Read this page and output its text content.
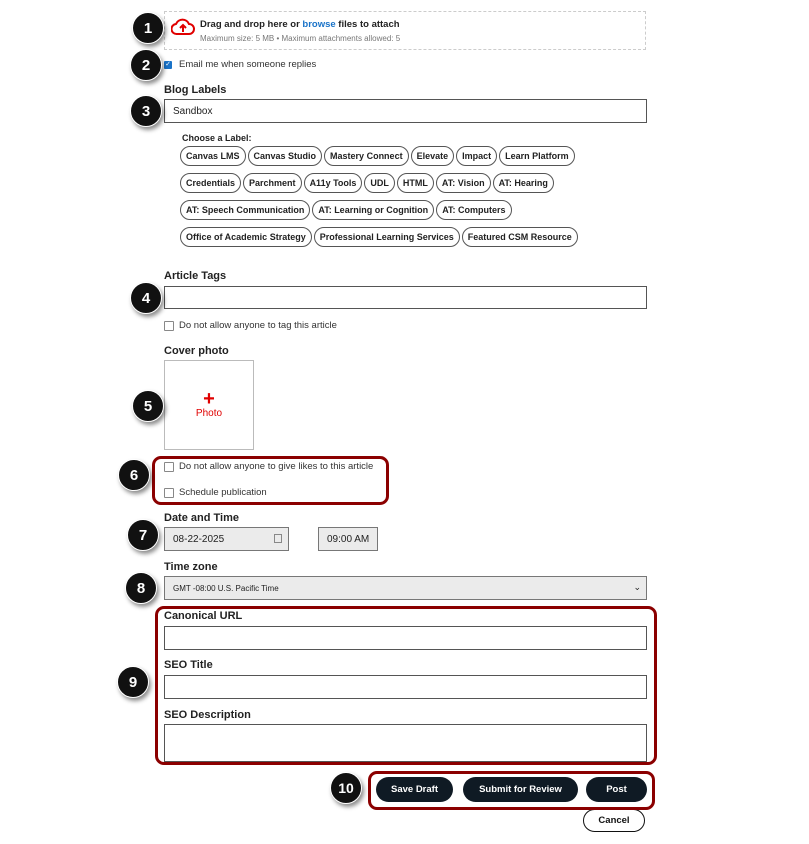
Drag and drop here or browse files to attach
Maximum size: 5 MB • Maximum attachments allowed: 5
✓ Email me when someone replies
Blog Labels
Sandbox
Choose a Label:
Canvas LMS	Canvas Studio	Mastery Connect	Elevate	Impact	Learn Platform
Credentials	Parchment	A11y Tools	UDL	HTML	AT: Vision	AT: Hearing
AT: Speech Communication	AT: Learning or Cognition	AT: Computers
Office of Academic Strategy	Professional Learning Services	Featured CSM Resource
Article Tags
Do not allow anyone to tag this article
Cover photo
+
Photo
Do not allow anyone to give likes to this article
Schedule publication
Date and Time
08-22-2025	09:00 AM
Time zone
GMT -08:00 U.S. Pacific Time	⌄
Canonical URL
SEO Title
SEO Description
Save Draft	Submit for Review	Post
Cancel
1
2
3
4
5
6
7
8
9
10
